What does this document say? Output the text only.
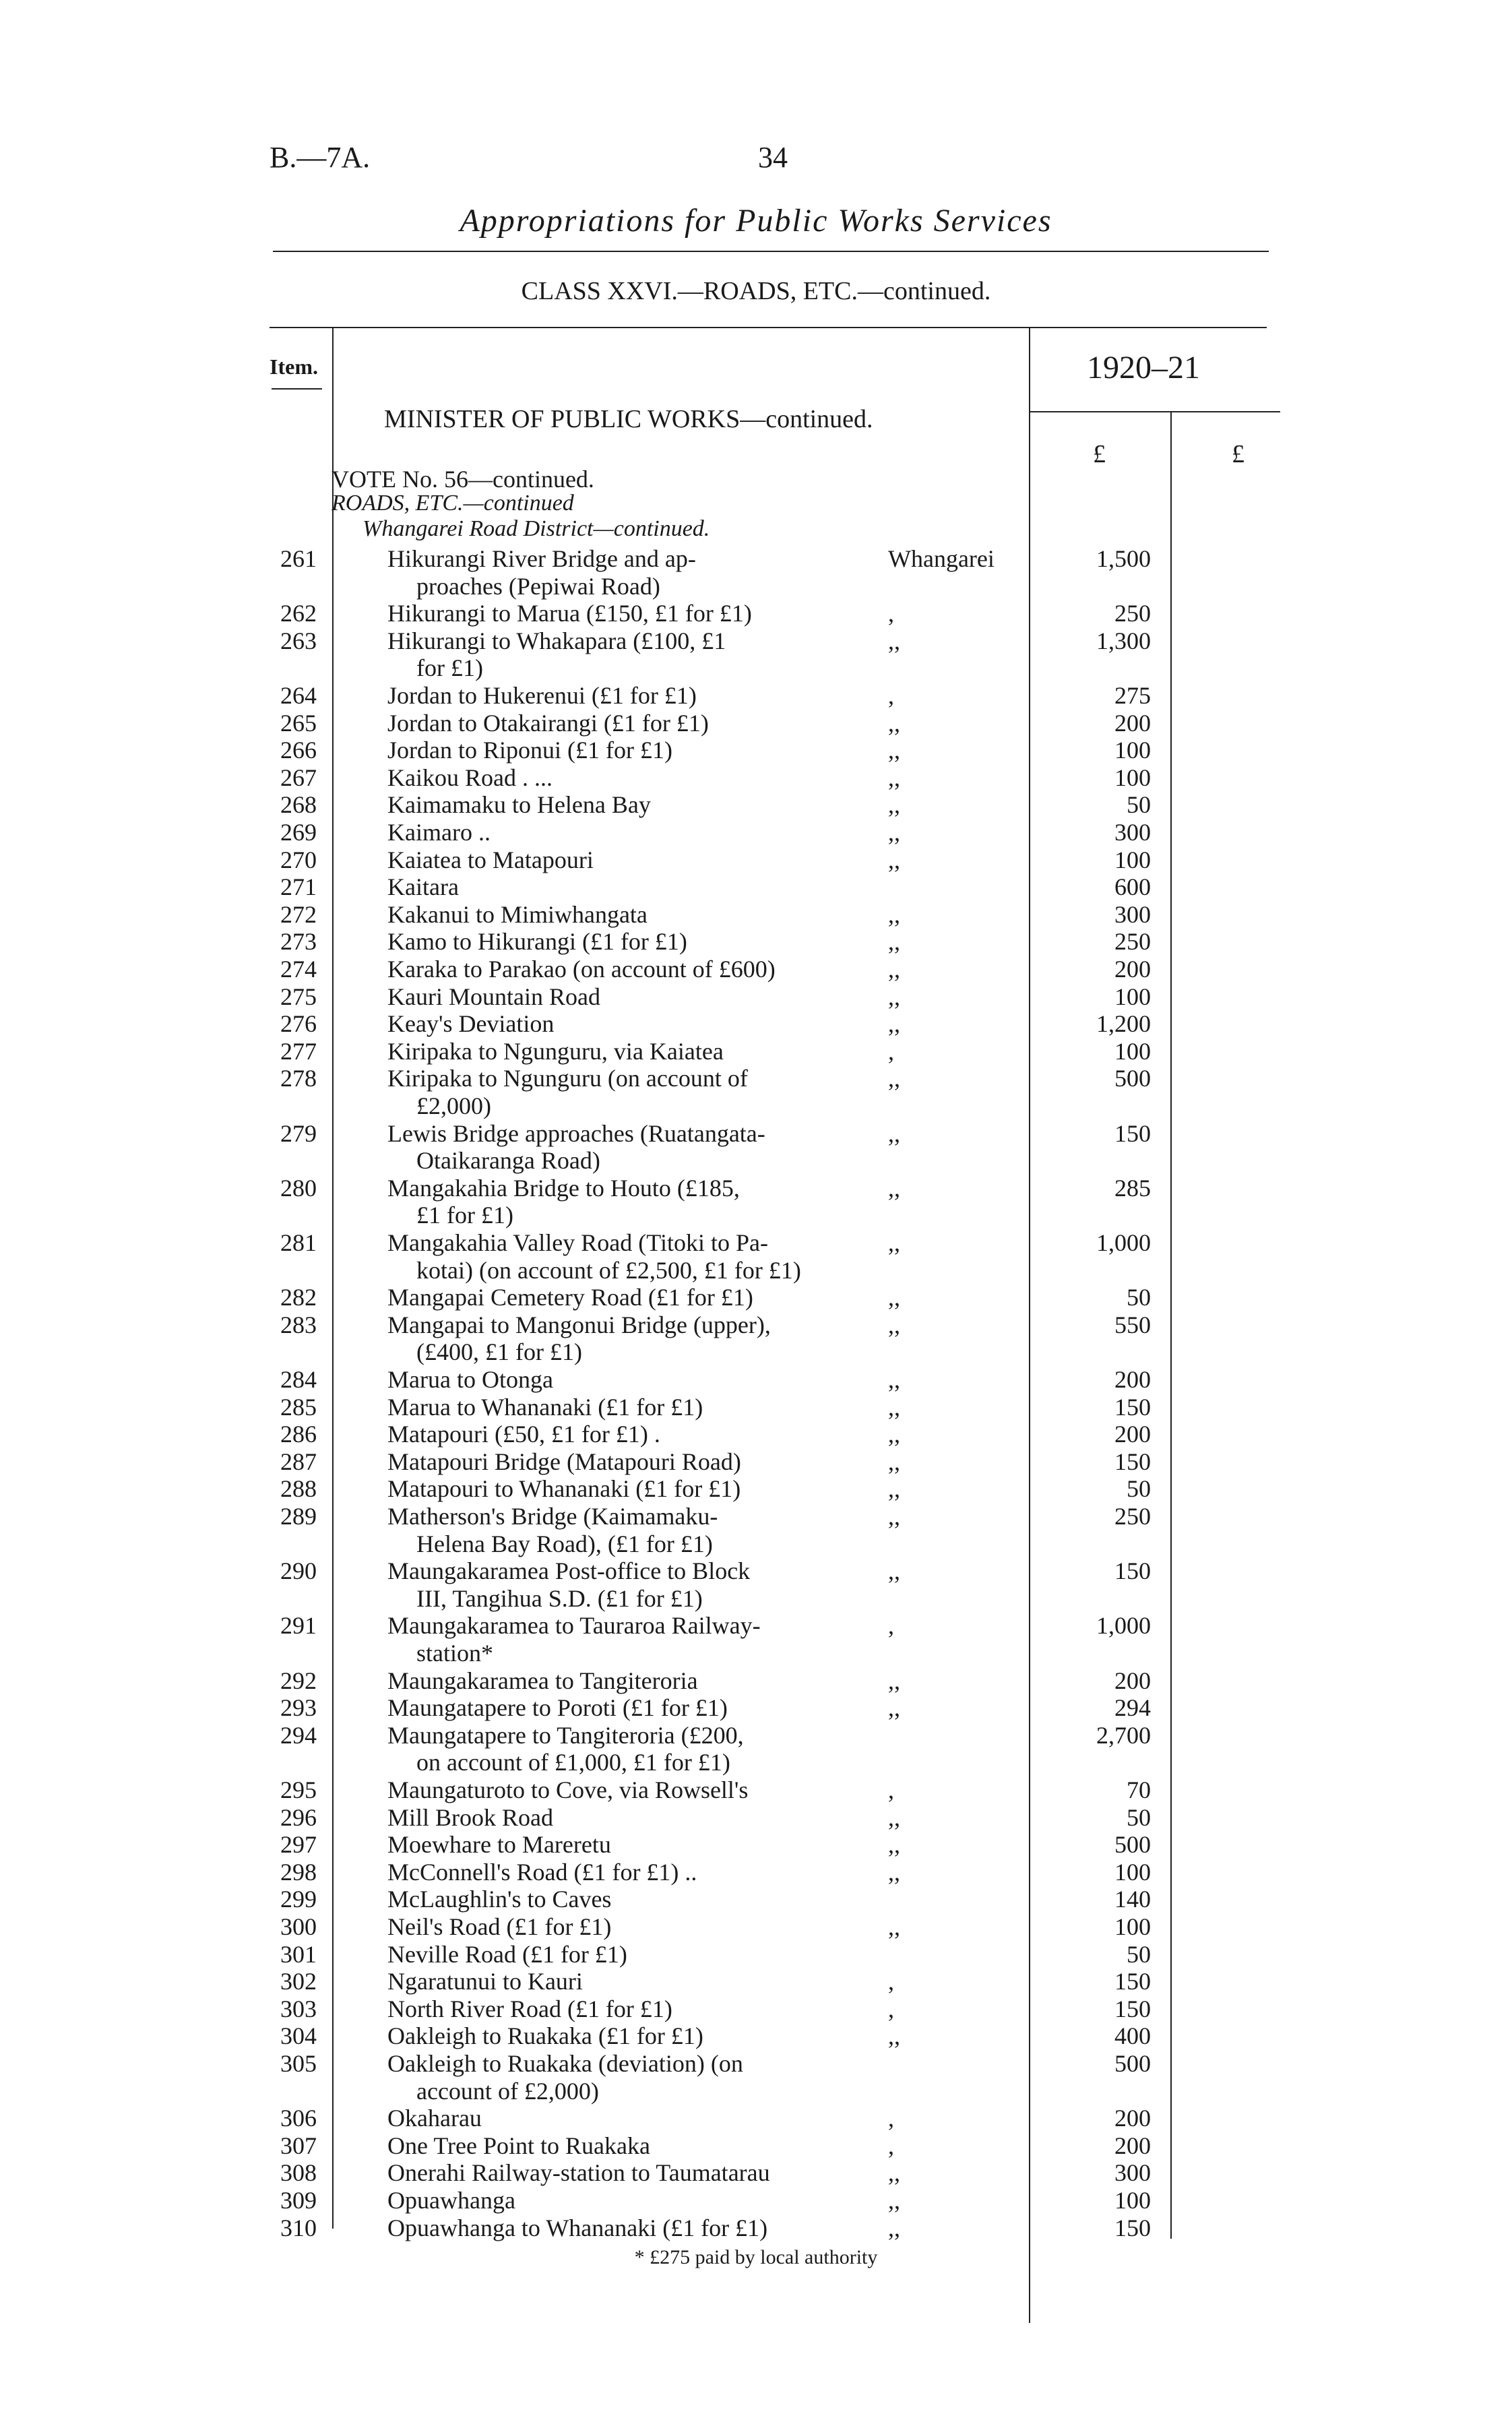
B.—7A.	34
Appropriations for Public Works Services
CLASS XXVI.—ROADS, ETC.—continued.
Item.	1920–21
MINISTER OF PUBLIC WORKS—continued.
£	£
VOTE No. 56—continued.
ROADS, ETC.—continued
Whangarei Road District—continued.
261	Hikurangi River Bridge and ap-	Whangarei	1,500
proaches (Pepiwai Road)
262	Hikurangi to Marua (£150, £1 for £1)	,	250
263	Hikurangi to Whakapara (£100, £1	,,	1,300
for £1)
264	Jordan to Hukerenui (£1 for £1)	,	275
265	Jordan to Otakairangi (£1 for £1)	,,	200
266	Jordan to Riponui (£1 for £1)	,,	100
267	Kaikou Road . ...	,,	100
268	Kaimamaku to Helena Bay	,,	50
269	Kaimaro ..	,,	300
270	Kaiatea to Matapouri	,,	100
271	Kaitara	600
272	Kakanui to Mimiwhangata	,,	300
273	Kamo to Hikurangi (£1 for £1)	,,	250
274	Karaka to Parakao (on account of £600)	,,	200
275	Kauri Mountain Road	,,	100
276	Keay's Deviation	,,	1,200
277	Kiripaka to Ngunguru, via Kaiatea	,	100
278	Kiripaka to Ngunguru (on account of	,,	500
£2,000)
279	Lewis Bridge approaches (Ruatangata-	,,	150
Otaikaranga Road)
280	Mangakahia Bridge to Houto (£185,	,,	285
£1 for £1)
281	Mangakahia Valley Road (Titoki to Pa-	,,	1,000
kotai) (on account of £2,500, £1 for £1)
282	Mangapai Cemetery Road (£1 for £1)	,,	50
283	Mangapai to Mangonui Bridge (upper),	,,	550
(£400, £1 for £1)
284	Marua to Otonga	,,	200
285	Marua to Whananaki (£1 for £1)	,,	150
286	Matapouri (£50, £1 for £1) .	,,	200
287	Matapouri Bridge (Matapouri Road)	,,	150
288	Matapouri to Whananaki (£1 for £1)	,,	50
289	Matherson's Bridge (Kaimamaku-	,,	250
Helena Bay Road), (£1 for £1)
290	Maungakaramea Post-office to Block	,,	150
III, Tangihua S.D. (£1 for £1)
291	Maungakaramea to Tauraroa Railway-	,	1,000
station*
292	Maungakaramea to Tangiteroria	,,	200
293	Maungatapere to Poroti (£1 for £1)	,,	294
294	Maungatapere to Tangiteroria (£200,	2,700
on account of £1,000, £1 for £1)
295	Maungaturoto to Cove, via Rowsell's	,	70
296	Mill Brook Road	,,	50
297	Moewhare to Mareretu	,,	500
298	McConnell's Road (£1 for £1) ..	,,	100
299	McLaughlin's to Caves	140
300	Neil's Road (£1 for £1)	,,	100
301	Neville Road (£1 for £1)	50
302	Ngaratunui to Kauri	,	150
303	North River Road (£1 for £1)	,	150
304	Oakleigh to Ruakaka (£1 for £1)	,,	400
305	Oakleigh to Ruakaka (deviation) (on	500
account of £2,000)
306	Okaharau	,	200
307	One Tree Point to Ruakaka	,	200
308	Onerahi Railway-station to Taumatarau	,,	300
309	Opuawhanga	,,	100
310	Opuawhanga to Whananaki (£1 for £1)	,,	150
* £275 paid by local authority
